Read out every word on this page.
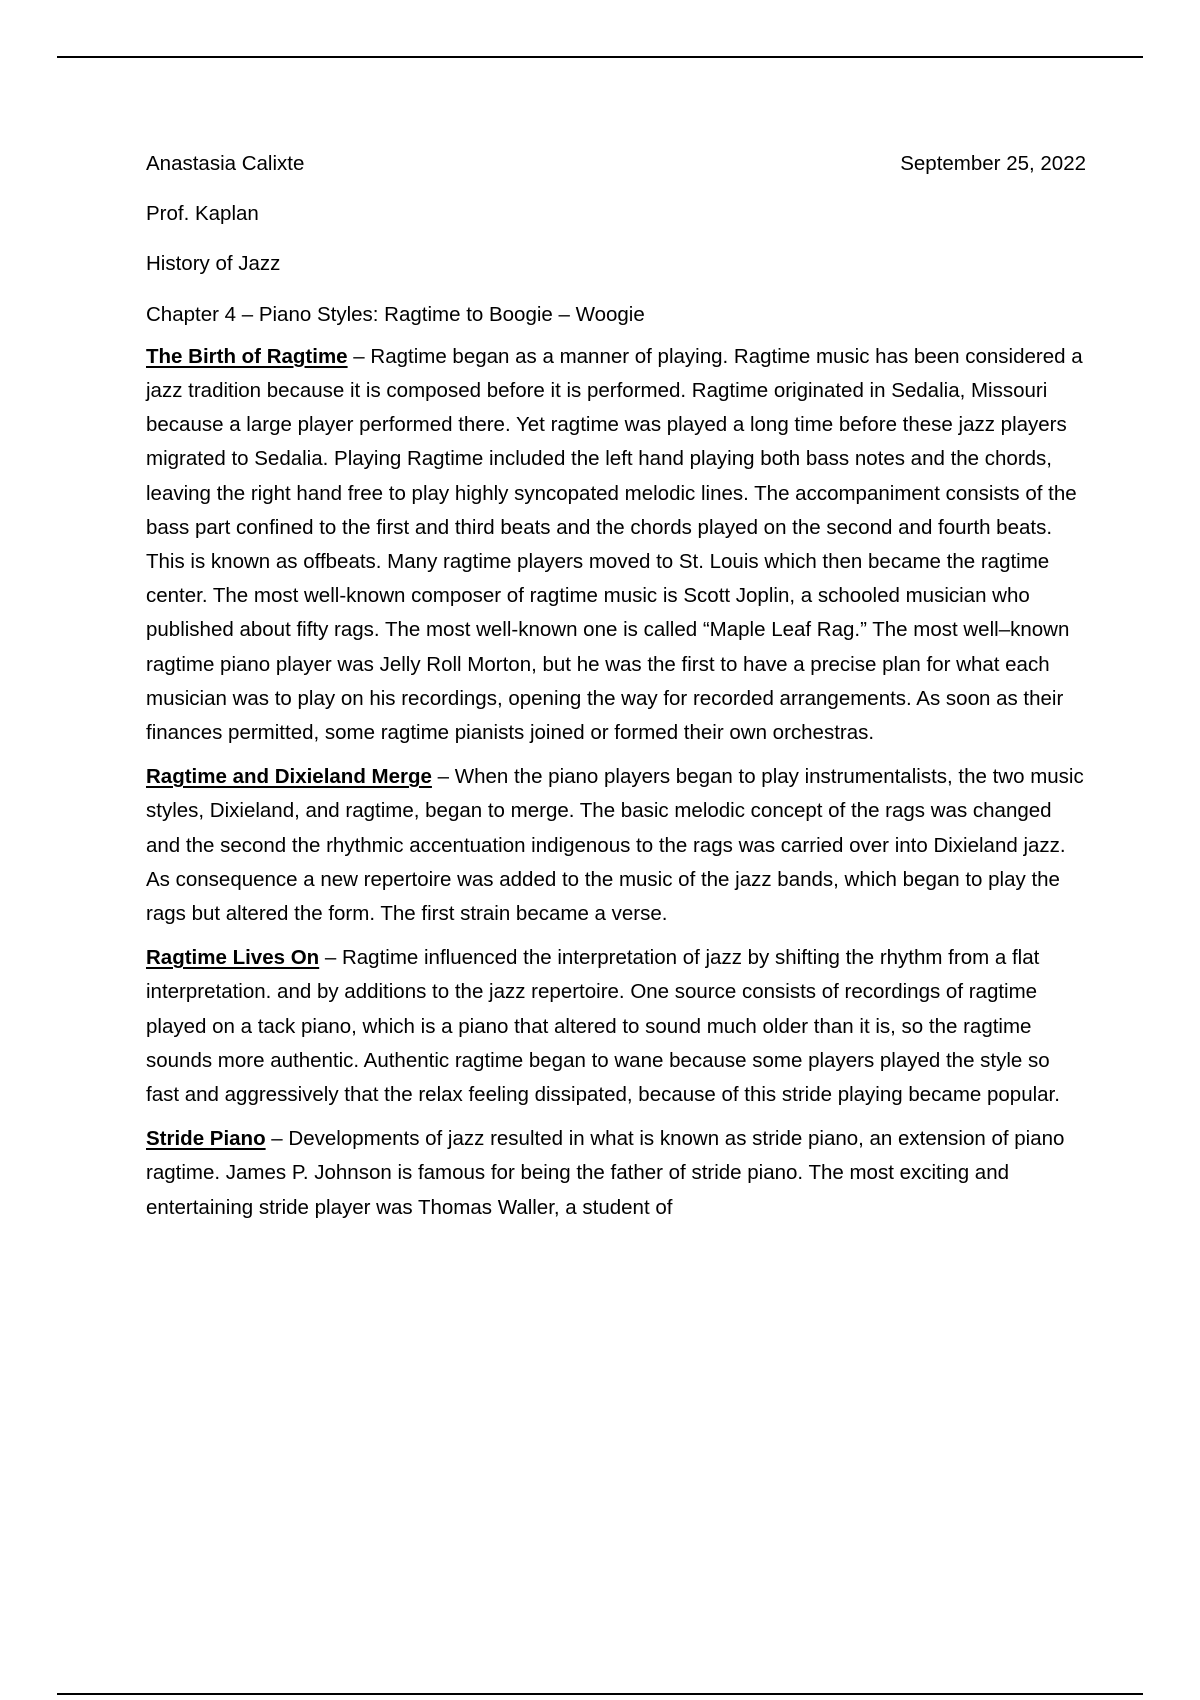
Anastasia Calixte	September 25, 2022
Prof. Kaplan
History of Jazz
Chapter 4 – Piano Styles: Ragtime to Boogie – Woogie

The Birth of Ragtime – Ragtime began as a manner of playing. Ragtime music has been considered a jazz tradition because it is composed before it is performed. Ragtime originated in Sedalia, Missouri because a large player performed there. Yet ragtime was played a long time before these jazz players migrated to Sedalia. Playing Ragtime included the left hand playing both bass notes and the chords, leaving the right hand free to play highly syncopated melodic lines. The accompaniment consists of the bass part confined to the first and third beats and the chords played on the second and fourth beats. This is known as offbeats. Many ragtime players moved to St. Louis which then became the ragtime center. The most well-known composer of ragtime music is Scott Joplin, a schooled musician who published about fifty rags. The most well-known one is called “Maple Leaf Rag.” The most well–known ragtime piano player was Jelly Roll Morton, but he was the first to have a precise plan for what each musician was to play on his recordings, opening the way for recorded arrangements. As soon as their finances permitted, some ragtime pianists joined or formed their own orchestras.

Ragtime and Dixieland Merge – When the piano players began to play instrumentalists, the two music styles, Dixieland, and ragtime, began to merge. The basic melodic concept of the rags was changed and the second the rhythmic accentuation indigenous to the rags was carried over into Dixieland jazz. As consequence a new repertoire was added to the music of the jazz bands, which began to play the rags but altered the form. The first strain became a verse.

Ragtime Lives On – Ragtime influenced the interpretation of jazz by shifting the rhythm from a flat interpretation. and by additions to the jazz repertoire. One source consists of recordings of ragtime played on a tack piano, which is a piano that altered to sound much older than it is, so the ragtime sounds more authentic. Authentic ragtime began to wane because some players played the style so fast and aggressively that the relax feeling dissipated, because of this stride playing became popular.

Stride Piano – Developments of jazz resulted in what is known as stride piano, an extension of piano ragtime. James P. Johnson is famous for being the father of stride piano. The most exciting and entertaining stride player was Thomas Waller, a student of
